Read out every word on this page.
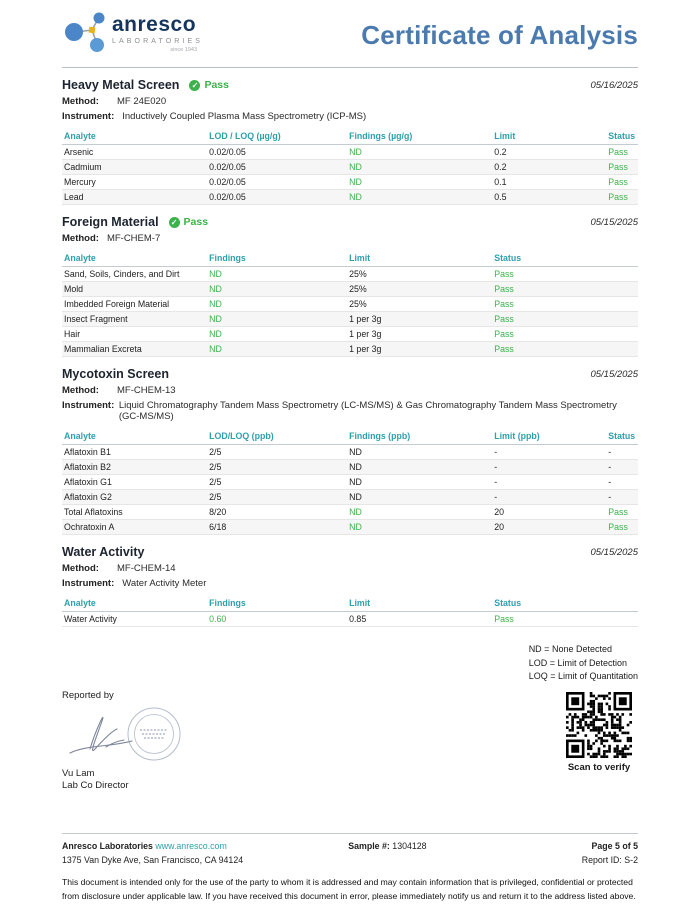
anresco
LABORATORIES
since 1943	Certificate of Analysis
Heavy Metal Screen ✓ Pass	05/16/2025
Method:	MF 24E020
Instrument: Inductively Coupled Plasma Mass Spectrometry (ICP-MS)
Analyte	LOD / LOQ (µg/g)	Findings (µg/g)	Limit	Status
Arsenic	0.02/0.05	ND	0.2	Pass
Cadmium	0.02/0.05	ND	0.2	Pass
Mercury	0.02/0.05	ND	0.1	Pass
Lead	0.02/0.05	ND	0.5	Pass
Foreign Material ✓ Pass	05/15/2025
Method: MF-CHEM-7
Analyte	Findings	Limit	Status
Sand, Soils, Cinders, and Dirt	ND	25%	Pass
Mold	ND	25%	Pass
Imbedded Foreign Material	ND	25%	Pass
Insect Fragment	ND	1 per 3g	Pass
Hair	ND	1 per 3g	Pass
Mammalian Excreta	ND	1 per 3g	Pass
Mycotoxin Screen	05/15/2025
Method:	MF-CHEM-13
Instrument: Liquid Chromatography Tandem Mass Spectrometry (LC-MS/MS) & Gas Chromatography Tandem Mass Spectrometry (GC-MS/MS)
Analyte	LOD/LOQ (ppb)	Findings (ppb)	Limit (ppb)	Status
Aflatoxin B1	2/5	ND	-	-
Aflatoxin B2	2/5	ND	-	-
Aflatoxin G1	2/5	ND	-	-
Aflatoxin G2	2/5	ND	-	-
Total Aflatoxins	8/20	ND	20	Pass
Ochratoxin A	6/18	ND	20	Pass
Water Activity	05/15/2025
Method:	MF-CHEM-14
Instrument: Water Activity Meter
Analyte	Findings	Limit	Status
Water Activity	0.60	0.85	Pass
ND = None Detected
LOD = Limit of Detection
LOQ = Limit of Quantitation
Reported by
Vu Lam
Lab Co Director
Scan to verify
Anresco Laboratories www.anresco.com
1375 Van Dyke Ave, San Francisco, CA 94124
Sample #: 1304128	Page 5 of 5
Report ID: S-2
This document is intended only for the use of the party to whom it is addressed and may contain information that is privileged, confidential or protected from disclosure under applicable law. If you have received this document in error, please immediately notify us and return it to the address listed above.
